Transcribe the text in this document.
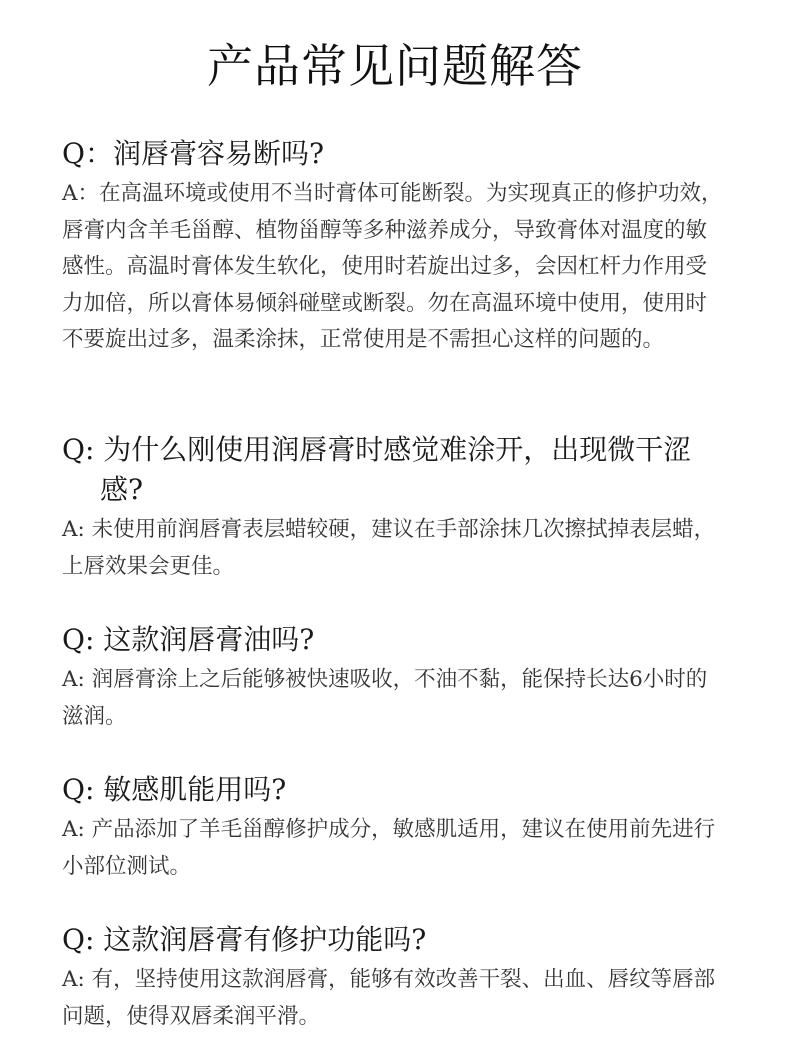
产品常见问题解答
Q：润唇膏容易断吗?
A：在高温环境或使用不当时膏体可能断裂。为实现真正的修护功效，唇膏内含羊毛甾醇、植物甾醇等多种滋养成分，导致膏体对温度的敏感性。高温时膏体发生软化，使用时若旋出过多，会因杠杆力作用受力加倍，所以膏体易倾斜碰壁或断裂。勿在高温环境中使用，使用时不要旋出过多，温柔涂抹，正常使用是不需担心这样的问题的。
Q: 为什么刚使用润唇膏时感觉难涂开，出现微干涩感?
A: 未使用前润唇膏表层蜡较硬，建议在手部涂抹几次擦拭掉表层蜡，上唇效果会更佳。
Q: 这款润唇膏油吗?
A: 润唇膏涂上之后能够被快速吸收，不油不黏，能保持长达6小时的滋润。
Q: 敏感肌能用吗?
A: 产品添加了羊毛甾醇修护成分，敏感肌适用，建议在使用前先进行小部位测试。
Q: 这款润唇膏有修护功能吗?
A: 有，坚持使用这款润唇膏，能够有效改善干裂、出血、唇纹等唇部问题，使得双唇柔润平滑。
